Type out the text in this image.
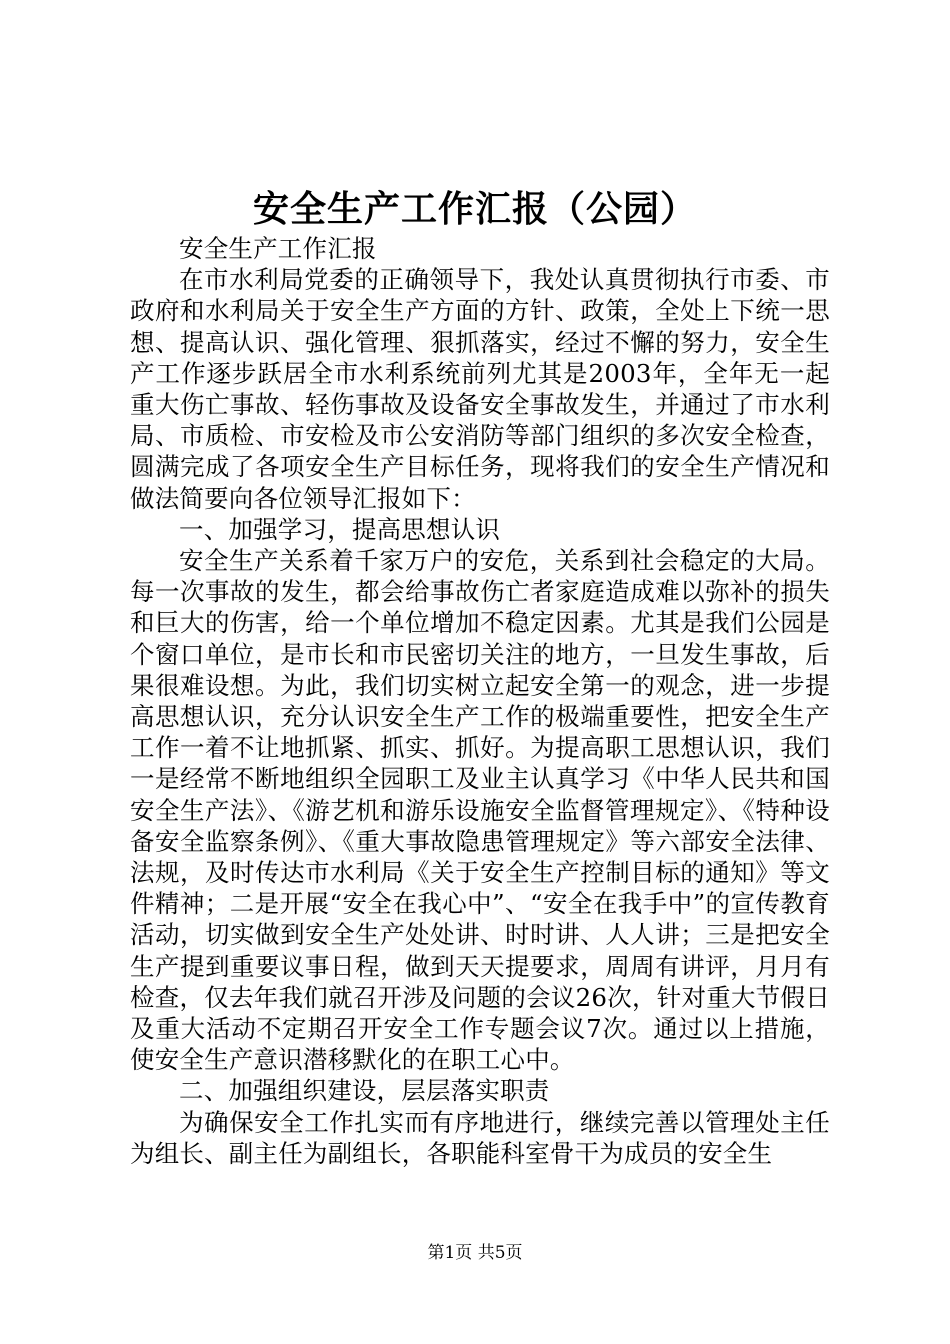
安全生产工作汇报（公园）

安全生产工作汇报

在市水利局党委的正确领导下，我处认真贯彻执行市委、市政府和水利局关于安全生产方面的方针、政策，全处上下统一思想、提高认识、强化管理、狠抓落实，经过不懈的努力，安全生产工作逐步跃居全市水利系统前列尤其是2003年，全年无一起重大伤亡事故、轻伤事故及设备安全事故发生，并通过了市水利局、市质检、市安检及市公安消防等部门组织的多次安全检查，圆满完成了各项安全生产目标任务，现将我们的安全生产情况和做法简要向各位领导汇报如下：

一、加强学习，提高思想认识

安全生产关系着千家万户的安危，关系到社会稳定的大局。每一次事故的发生，都会给事故伤亡者家庭造成难以弥补的损失和巨大的伤害，给一个单位增加不稳定因素。尤其是我们公园是个窗口单位，是市长和市民密切关注的地方，一旦发生事故，后果很难设想。为此，我们切实树立起安全第一的观念，进一步提高思想认识，充分认识安全生产工作的极端重要性，把安全生产工作一着不让地抓紧、抓实、抓好。为提高职工思想认识，我们一是经常不断地组织全园职工及业主认真学习《中华人民共和国安全生产法》、《游艺机和游乐设施安全监督管理规定》、《特种设备安全监察条例》、《重大事故隐患管理规定》等六部安全法律、法规，及时传达市水利局《关于安全生产控制目标的通知》等文件精神；二是开展“安全在我心中”、“安全在我手中”的宣传教育活动，切实做到安全生产处处讲、时时讲、人人讲；三是把安全生产提到重要议事日程，做到天天提要求，周周有讲评，月月有检查，仅去年我们就召开涉及问题的会议26次，针对重大节假日及重大活动不定期召开安全工作专题会议7次。通过以上措施，使安全生产意识潜移默化的在职工心中。

二、加强组织建设，层层落实职责

为确保安全工作扎实而有序地进行，继续完善以管理处主任为组长、副主任为副组长，各职能科室骨干为成员的安全生

第1页 共5页
